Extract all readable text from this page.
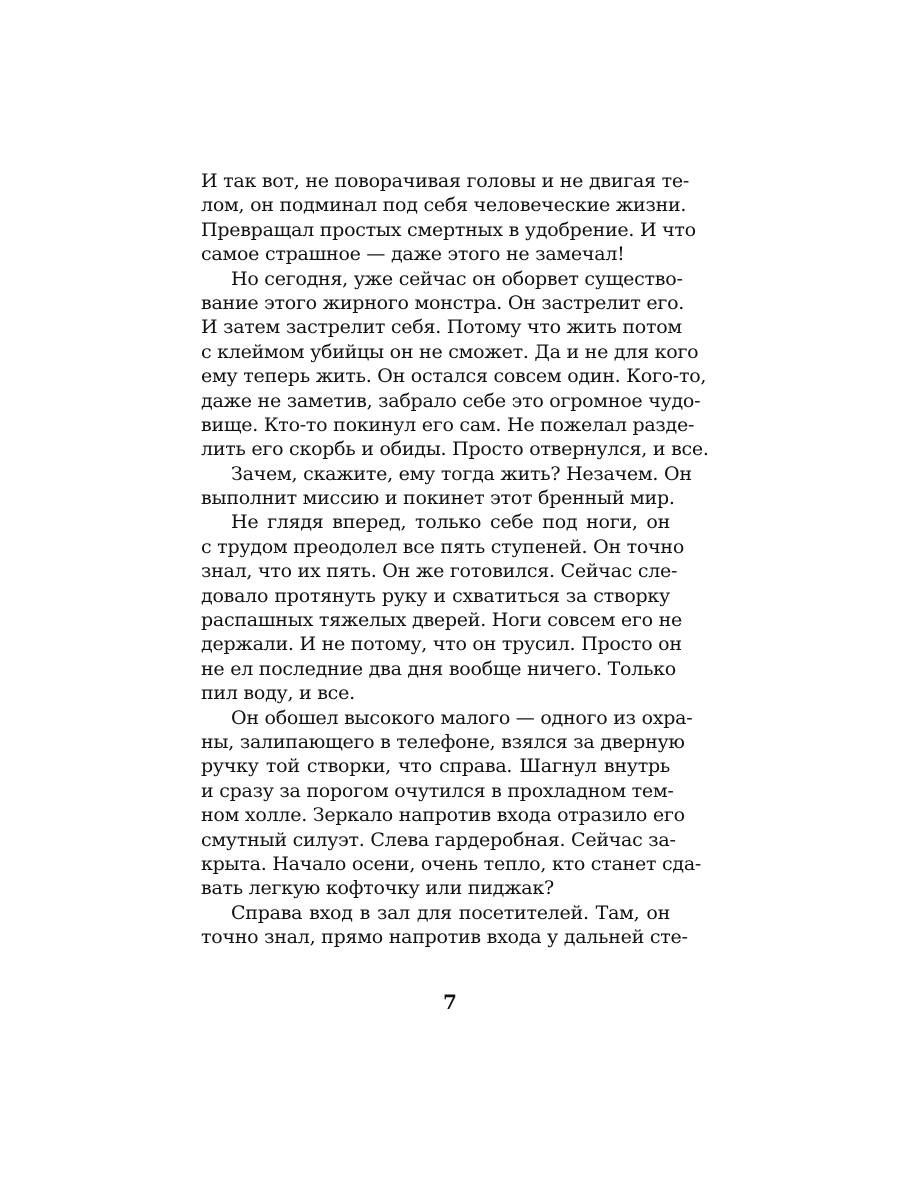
И так вот, не поворачивая головы и не двигая те-
лом, он подминал под себя человеческие жизни.
Превращал простых смертных в удобрение. И что
самое страшное — даже этого не замечал!
Но сегодня, уже сейчас он оборвет существо-
вание этого жирного монстра. Он застрелит его.
И затем застрелит себя. Потому что жить потом
с клеймом убийцы он не сможет. Да и не для кого
ему теперь жить. Он остался совсем один. Кого-то,
даже не заметив, забрало себе это огромное чудо-
вище. Кто-то покинул его сам. Не пожелал разде-
лить его скорбь и обиды. Просто отвернулся, и все.
Зачем, скажите, ему тогда жить? Незачем. Он
выполнит миссию и покинет этот бренный мир.
Не глядя вперед, только себе под ноги, он
с трудом преодолел все пять ступеней. Он точно
знал, что их пять. Он же готовился. Сейчас сле-
довало протянуть руку и схватиться за створку
распашных тяжелых дверей. Ноги совсем его не
держали. И не потому, что он трусил. Просто он
не ел последние два дня вообще ничего. Только
пил воду, и все.
Он обошел высокого малого — одного из охра-
ны, залипающего в телефоне, взялся за дверную
ручку той створки, что справа. Шагнул внутрь
и сразу за порогом очутился в прохладном тем-
ном холле. Зеркало напротив входа отразило его
смутный силуэт. Слева гардеробная. Сейчас за-
крыта. Начало осени, очень тепло, кто станет сда-
вать легкую кофточку или пиджак?
Справа вход в зал для посетителей. Там, он
точно знал, прямо напротив входа у дальней сте-
7
